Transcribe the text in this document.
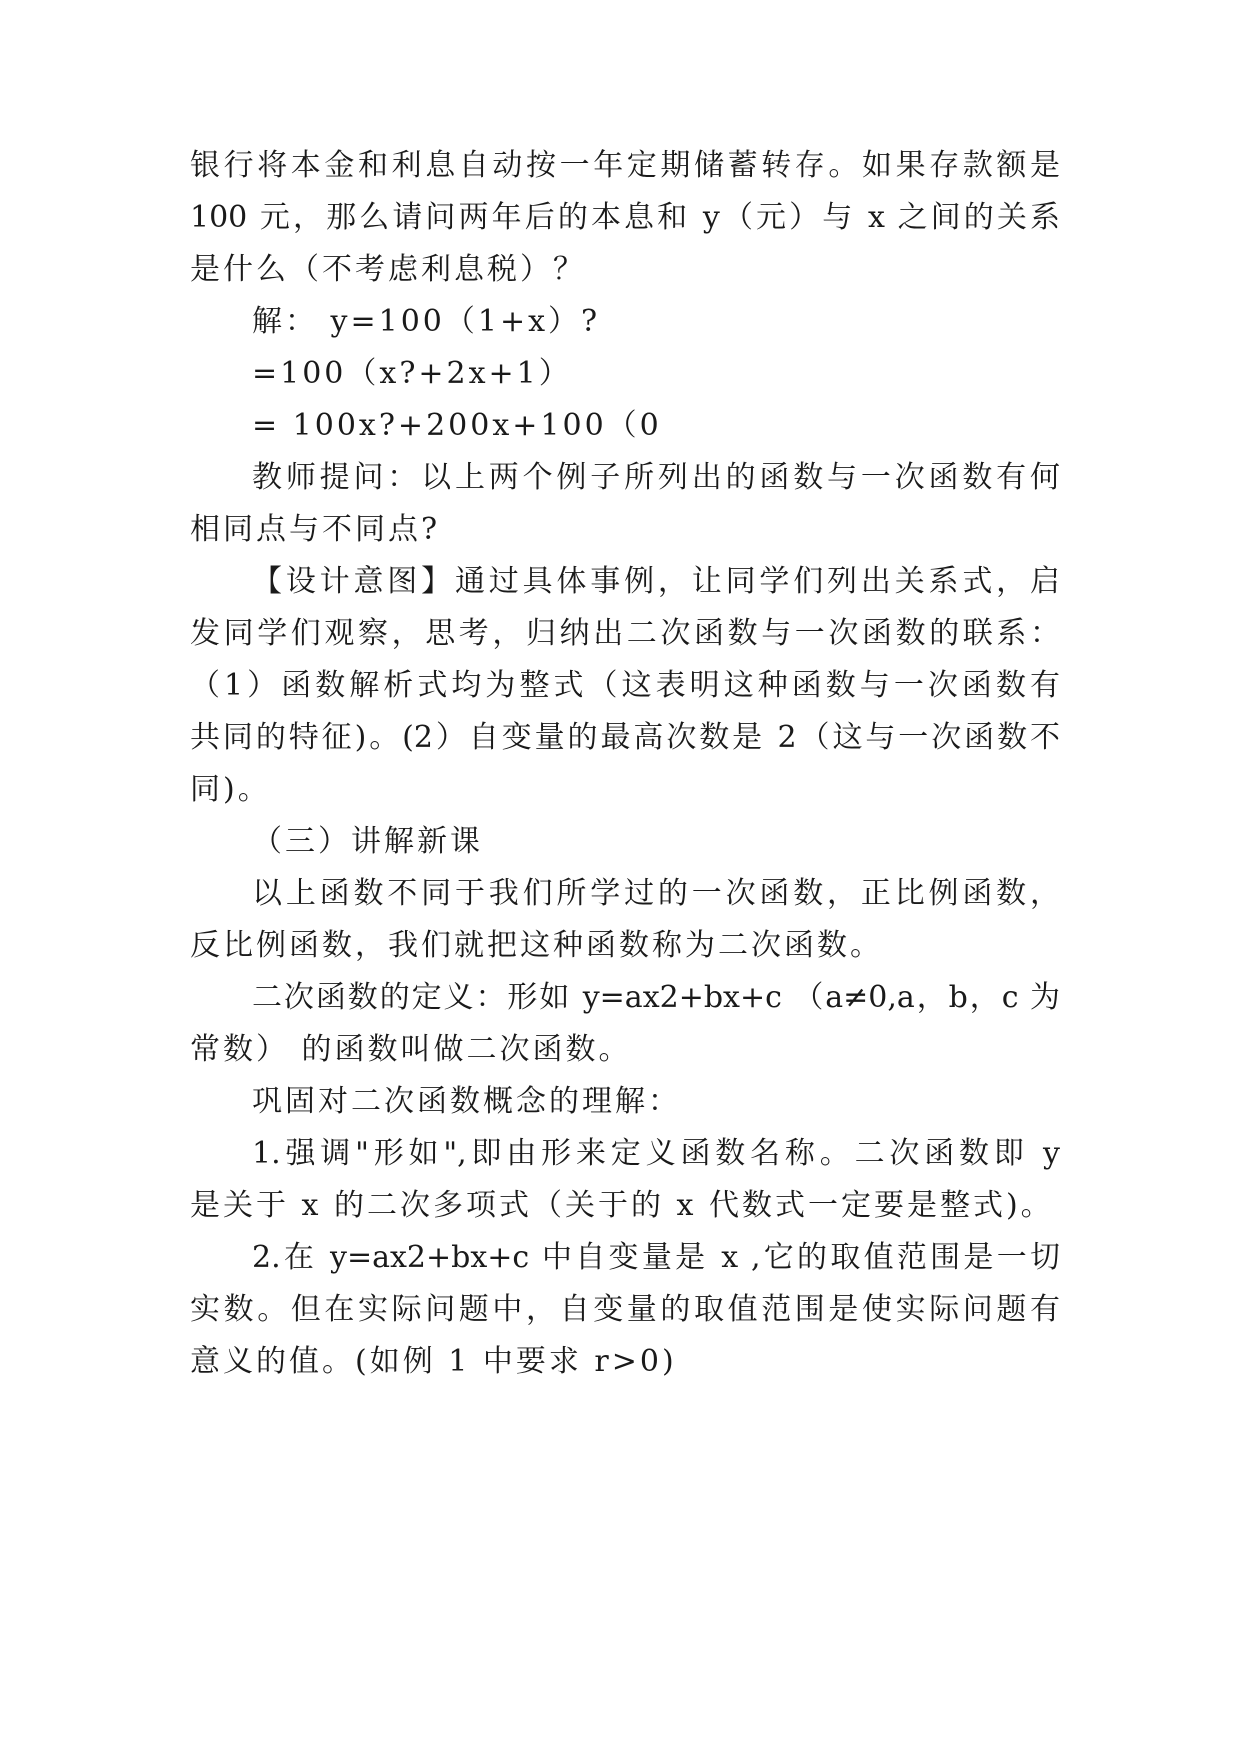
银行将本金和利息自动按一年定期储蓄转存。如果存款额是
100 元，那么请问两年后的本息和 y（元）与 x 之间的关系
是什么（不考虑利息税）？
解： y=100（1+x）?
=100（x?+2x+1）
= 100x?+200x+100（0
教师提问：以上两个例子所列出的函数与一次函数有何
相同点与不同点?
【设计意图】通过具体事例，让同学们列出关系式，启
发同学们观察，思考，归纳出二次函数与一次函数的联系：
（1）函数解析式均为整式（这表明这种函数与一次函数有
共同的特征)。(2）自变量的最高次数是 2（这与一次函数不
同)。
（三）讲解新课
以上函数不同于我们所学过的一次函数，正比例函数，
反比例函数，我们就把这种函数称为二次函数。
二次函数的定义：形如 y=ax2+bx+c （a≠0,a，b，c 为
常数） 的函数叫做二次函数。
巩固对二次函数概念的理解：
1.强调"形如",即由形来定义函数名称。二次函数即 y
是关于 x 的二次多项式（关于的 x 代数式一定要是整式)。
2.在 y=ax2+bx+c 中自变量是 x ,它的取值范围是一切
实数。但在实际问题中，自变量的取值范围是使实际问题有
意义的值。(如例 1 中要求 r>0)
